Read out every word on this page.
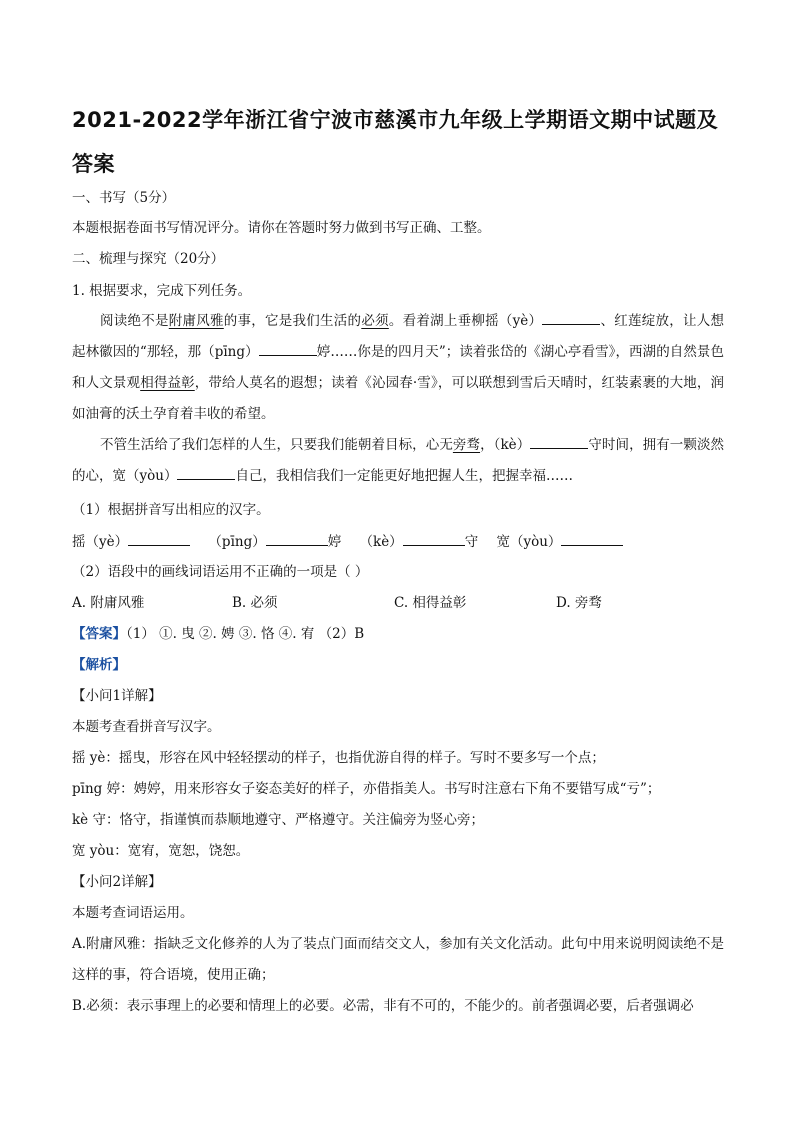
2021-2022学年浙江省宁波市慈溪市九年级上学期语文期中试题及答案
一、书写（5分）
本题根据卷面书写情况评分。请你在答题时努力做到书写正确、工整。
二、梳理与探究（20分）
1. 根据要求，完成下列任务。
阅读绝不是附庸风雅的事，它是我们生活的必须。看着湖上垂柳摇（yè）	、红莲绽放，让人想起林徽因的“那轻，那（pīng）	婷……你是的四月天”；读着张岱的《湖心亭看雪》，西湖的自然景色和人文景观相得益彰，带给人莫名的遐想；读着《沁园春·雪》，可以联想到雪后天晴时，红装素裹的大地，润如油膏的沃土孕育着丰收的希望。
不管生活给了我们怎样的人生，只要我们能朝着目标，心无旁骛，（kè）	守时间，拥有一颗淡然的心，宽（yòu）	自己，我相信我们一定能更好地把握人生，把握幸福……
（1）根据拼音写出相应的汉字。
摇（yè）	（pīng）	婷 （kè）	守 宽（yòu）
（2）语段中的画线词语运用不正确的一项是（ ）
A. 附庸风雅	B. 必须	C. 相得益彰	D. 旁骛
【答案】（1） ①. 曳 ②. 娉 ③. 恪 ④. 宥 （2）B
【解析】
【小问1详解】
本题考查看拼音写汉字。
摇 yè：摇曳，形容在风中轻轻摆动的样子，也指优游自得的样子。写时不要多写一个点；
pīng 婷：娉婷，用来形容女子姿态美好的样子，亦借指美人。书写时注意右下角不要错写成“亏”；
kè 守：恪守，指谨慎而恭顺地遵守、严格遵守。关注偏旁为竖心旁；
宽 yòu：宽宥，宽恕，饶恕。
【小问2详解】
本题考查词语运用。
A.附庸风雅：指缺乏文化修养的人为了装点门面而结交文人，参加有关文化活动。此句中用来说明阅读绝不是这样的事，符合语境，使用正确；
B.必须：表示事理上的必要和情理上的必要。必需，非有不可的，不能少的。前者强调必要，后者强调必
